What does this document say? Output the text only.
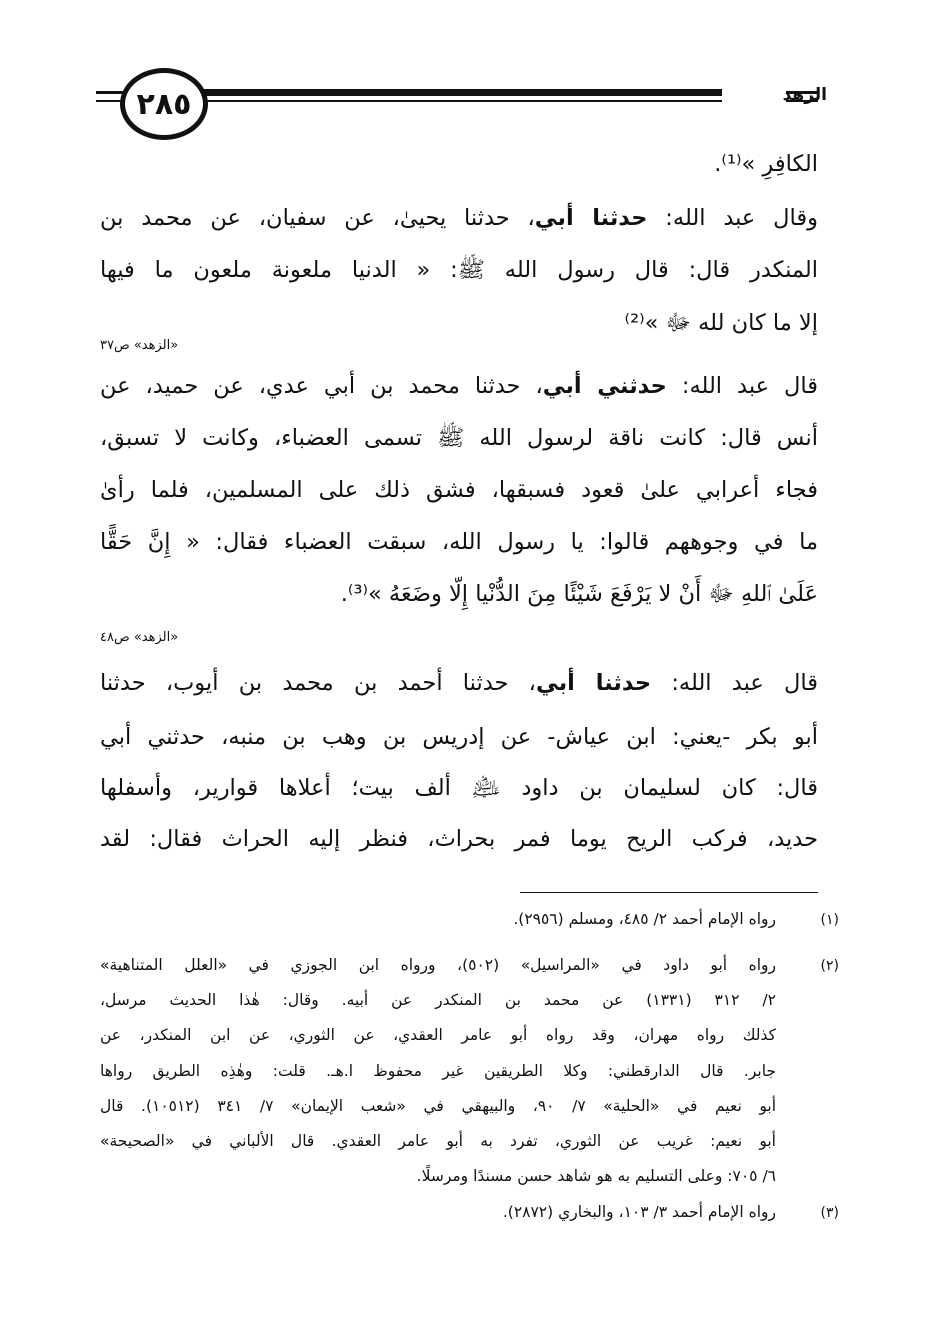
٢٨٥	الزهد
الكافِرِ »⁽¹⁾.
وقال عبد الله: حدثنا أبي، حدثنا يحيىٰ، عن سفيان، عن محمد بن
المنكدر قال: قال رسول الله ﷺ: « الدنيا ملعونة ملعون ما فيها
إلا ما كان لله ﷻ »⁽²⁾
«الزهد» ص٣٧
قال عبد الله: حدثني أبي، حدثنا محمد بن أبي عدي، عن حميد، عن
أنس قال: كانت ناقة لرسول الله ﷺ تسمى العضباء، وكانت لا تسبق،
فجاء أعرابي علىٰ قعود فسبقها، فشق ذلك على المسلمين، فلما رأىٰ
ما في وجوههم قالوا: يا رسول الله، سبقت العضباء فقال: « إِنَّ حَقًّا
عَلَىٰ ٱللهِ ﷻ أَنْ لا يَرْفَعَ شَيْئًا مِنَ الدُّنْيا إِلّا وضَعَهُ »⁽³⁾.
«الزهد» ص٤٨
قال عبد الله: حدثنا أبي، حدثنا أحمد بن محمد بن أيوب، حدثنا
أبو بكر -يعني: ابن عياش- عن إدريس بن وهب بن منبه، حدثني أبي
قال: كان لسليمان بن داود ﵇ ألف بيت؛ أعلاها قوارير، وأسفلها
حديد، فركب الريح يوما فمر بحراث، فنظر إليه الحراث فقال: لقد
(١)
رواه الإمام أحمد ٢/ ٤٨٥، ومسلم (٢٩٥٦).
(٢)
رواه أبو داود في «المراسيل» (٥٠٢)، ورواه ابن الجوزي في «العلل المتناهية»
٢/ ٣١٢ (١٣٣١) عن محمد بن المنكدر عن أبيه. وقال: هٰذا الحديث مرسل،
كذلك رواه مهران، وقد رواه أبو عامر العقدي، عن الثوري، عن ابن المنكدر، عن
جابر. قال الدارقطني: وكلا الطريقين غير محفوظ ا.هـ. قلت: وهٰذِه الطريق رواها
أبو نعيم في «الحلية» ٧/ ٩٠، والبيهقي في «شعب الإيمان» ٧/ ٣٤١ (١٠٥١٢). قال
أبو نعيم: غريب عن الثوري، تفرد به أبو عامر العقدي. قال الألباني في «الصحيحة»
٦/ ٧٠٥: وعلى التسليم به هو شاهد حسن مسندًا ومرسلًا.
(٣)
رواه الإمام أحمد ٣/ ١٠٣، والبخاري (٢٨٧٢).
